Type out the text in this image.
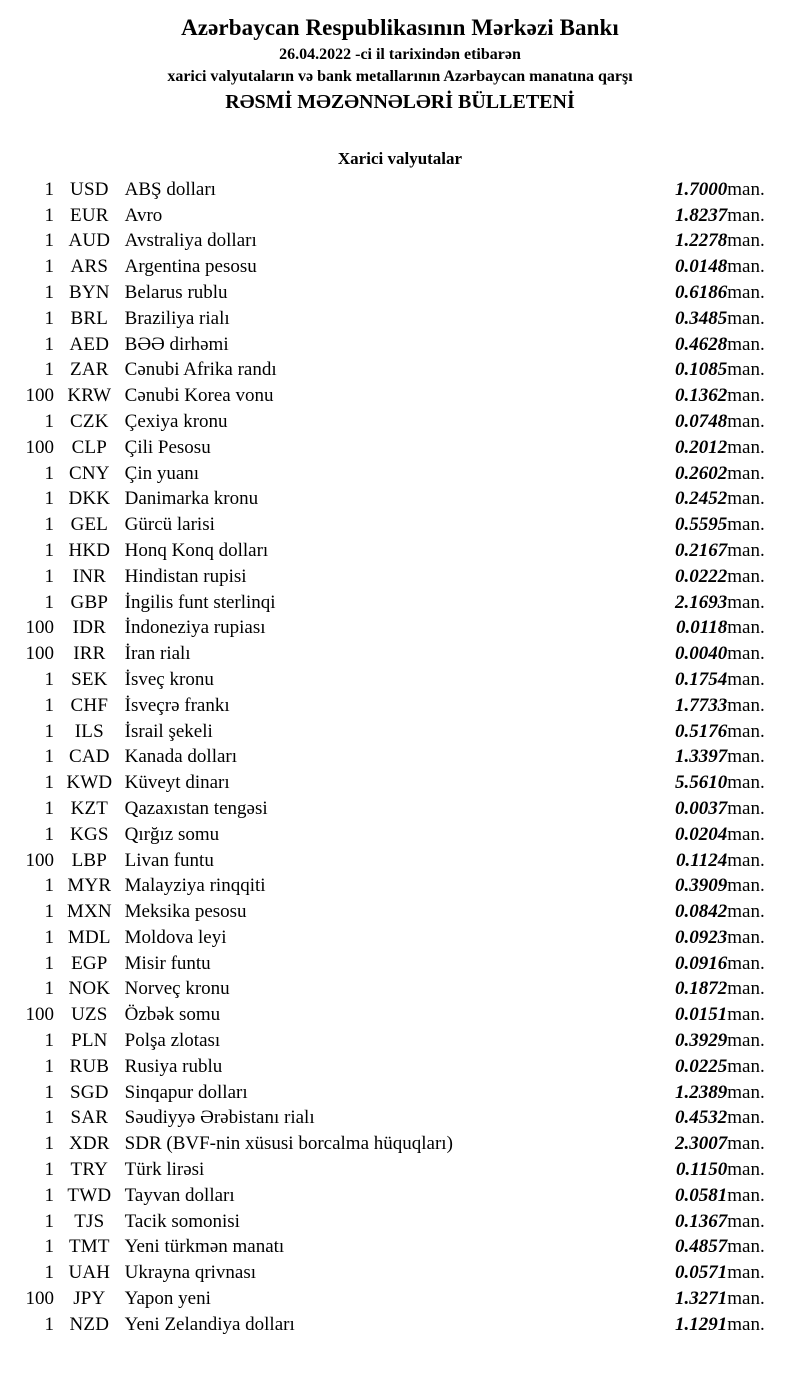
Azərbaycan Respublikasının Mərkəzi Bankı
26.04.2022 -ci il tarixindən etibarən
xarici valyutaların və bank metallarının Azərbaycan manatına qarşı
RƏSMİ MƏZƏNNƏLƏRİ BÜLLETENİ
Xarici valyutalar
1	USD	ABŞ dolları	1.7000	man.
1	EUR	Avro	1.8237	man.
1	AUD	Avstraliya dolları	1.2278	man.
1	ARS	Argentina pesosu	0.0148	man.
1	BYN	Belarus rublu	0.6186	man.
1	BRL	Braziliya rialı	0.3485	man.
1	AED	BƏƏ dirhəmi	0.4628	man.
1	ZAR	Cənubi Afrika randı	0.1085	man.
100	KRW	Cənubi Korea vonu	0.1362	man.
1	CZK	Çexiya kronu	0.0748	man.
100	CLP	Çili Pesosu	0.2012	man.
1	CNY	Çin yuanı	0.2602	man.
1	DKK	Danimarka kronu	0.2452	man.
1	GEL	Gürcü larisi	0.5595	man.
1	HKD	Honq Konq dolları	0.2167	man.
1	INR	Hindistan rupisi	0.0222	man.
1	GBP	İngilis funt sterlinqi	2.1693	man.
100	IDR	İndoneziya rupiası	0.0118	man.
100	IRR	İran rialı	0.0040	man.
1	SEK	İsveç kronu	0.1754	man.
1	CHF	İsveçrə frankı	1.7733	man.
1	ILS	İsrail şekeli	0.5176	man.
1	CAD	Kanada dolları	1.3397	man.
1	KWD	Küveyt dinarı	5.5610	man.
1	KZT	Qazaxıstan tengəsi	0.0037	man.
1	KGS	Qırğız somu	0.0204	man.
100	LBP	Livan funtu	0.1124	man.
1	MYR	Malayziya rinqqiti	0.3909	man.
1	MXN	Meksika pesosu	0.0842	man.
1	MDL	Moldova leyi	0.0923	man.
1	EGP	Misir funtu	0.0916	man.
1	NOK	Norveç kronu	0.1872	man.
100	UZS	Özbək somu	0.0151	man.
1	PLN	Polşa zlotası	0.3929	man.
1	RUB	Rusiya rublu	0.0225	man.
1	SGD	Sinqapur dolları	1.2389	man.
1	SAR	Səudiyyə Ərəbistanı rialı	0.4532	man.
1	XDR	SDR (BVF-nin xüsusi borcalma hüquqları)	2.3007	man.
1	TRY	Türk lirəsi	0.1150	man.
1	TWD	Tayvan dolları	0.0581	man.
1	TJS	Tacik somonisi	0.1367	man.
1	TMT	Yeni türkmən manatı	0.4857	man.
1	UAH	Ukrayna qrivnası	0.0571	man.
100	JPY	Yapon yeni	1.3271	man.
1	NZD	Yeni Zelandiya dolları	1.1291	man.
